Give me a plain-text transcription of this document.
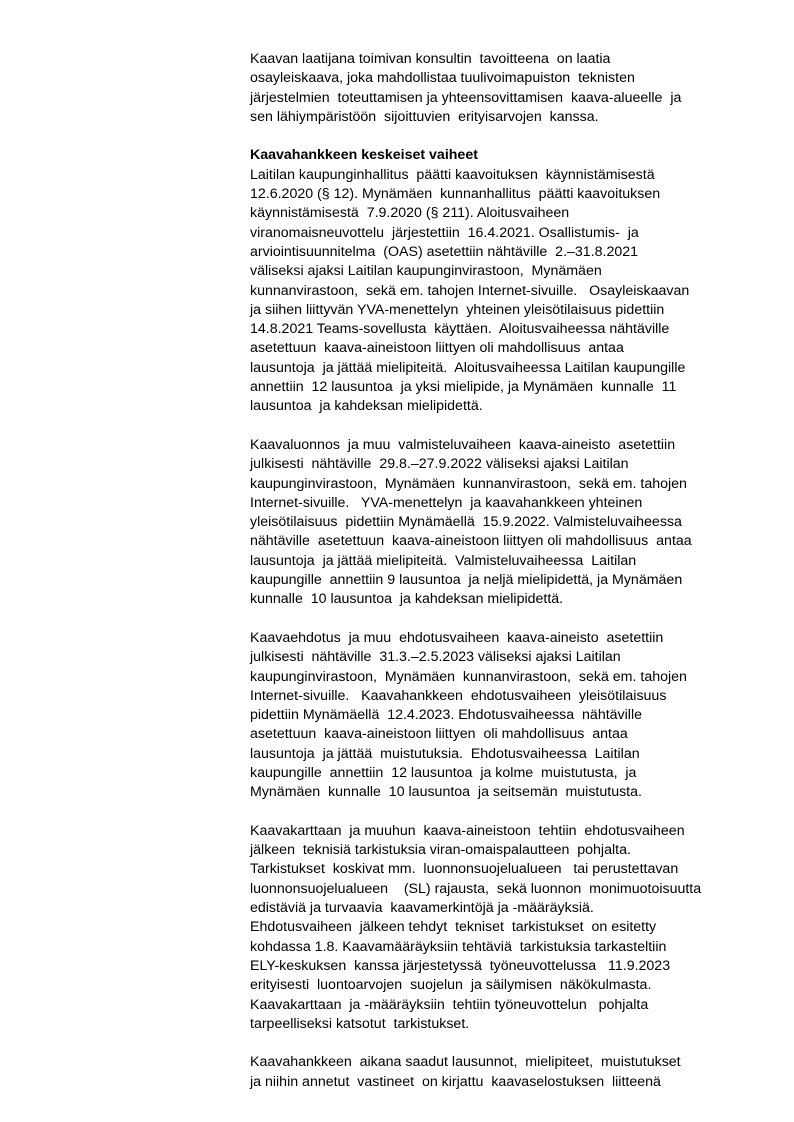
Kaavan laatijana toimivan konsultin  tavoitteena  on laatia
osayleiskaava, joka mahdollistaa tuulivoimapuiston  teknisten
järjestelmien  toteuttamisen ja yhteensovittamisen  kaava-alueelle  ja
sen lähiympäristöön  sijoittuvien  erityisarvojen  kanssa.
Kaavahankkeen keskeiset vaiheet
Laitilan kaupunginhallitus  päätti kaavoituksen  käynnistämisestä
12.6.2020 (§ 12). Mynämäen  kunnanhallitus  päätti kaavoituksen
käynnistämisestä  7.9.2020 (§ 211). Aloitusvaiheen
viranomaisneuvottelu  järjestettiin  16.4.2021. Osallistumis-  ja
arviointisuunnitelma  (OAS) asetettiin nähtäville  2.–31.8.2021
väliseksi ajaksi Laitilan kaupunginvirastoon,  Mynämäen
kunnanvirastoon,  sekä em. tahojen Internet-sivuille.   Osayleiskaavan
ja siihen liittyvän YVA-menettelyn  yhteinen yleisötilaisuus pidettiin
14.8.2021 Teams-sovellusta  käyttäen.  Aloitusvaiheessa nähtäville
asetettuun  kaava-aineistoon liittyen oli mahdollisuus  antaa
lausuntoja  ja jättää mielipiteitä.  Aloitusvaiheessa Laitilan kaupungille
annettiin  12 lausuntoa  ja yksi mielipide, ja Mynämäen  kunnalle  11
lausuntoa  ja kahdeksan mielipidettä.
Kaavaluonnos  ja muu  valmisteluvaiheen  kaava-aineisto  asetettiin
julkisesti  nähtäville  29.8.–27.9.2022 väliseksi ajaksi Laitilan
kaupunginvirastoon,  Mynämäen  kunnanvirastoon,  sekä em. tahojen
Internet-sivuille.   YVA-menettelyn  ja kaavahankkeen yhteinen
yleisötilaisuus  pidettiin Mynämäellä  15.9.2022. Valmisteluvaiheessa
nähtäville  asetettuun  kaava-aineistoon liittyen oli mahdollisuus  antaa
lausuntoja  ja jättää mielipiteitä.  Valmisteluvaiheessa  Laitilan
kaupungille  annettiin 9 lausuntoa  ja neljä mielipidettä, ja Mynämäen
kunnalle  10 lausuntoa  ja kahdeksan mielipidettä.
Kaavaehdotus  ja muu  ehdotusvaiheen  kaava-aineisto  asetettiin
julkisesti  nähtäville  31.3.–2.5.2023 väliseksi ajaksi Laitilan
kaupunginvirastoon,  Mynämäen  kunnanvirastoon,  sekä em. tahojen
Internet-sivuille.   Kaavahankkeen  ehdotusvaiheen  yleisötilaisuus
pidettiin Mynämäellä  12.4.2023. Ehdotusvaiheessa  nähtäville
asetettuun  kaava-aineistoon liittyen  oli mahdollisuus  antaa
lausuntoja  ja jättää  muistutuksia.  Ehdotusvaiheessa  Laitilan
kaupungille  annettiin  12 lausuntoa  ja kolme  muistutusta,  ja
Mynämäen  kunnalle  10 lausuntoa  ja seitsemän  muistutusta.
Kaavakarttaan  ja muuhun  kaava-aineistoon  tehtiin  ehdotusvaiheen
jälkeen  teknisiä tarkistuksia viran-omaispalautteen  pohjalta.
Tarkistukset  koskivat mm.  luonnonsuojelualueen   tai perustettavan
luonnonsuojelualueen    (SL) rajausta,  sekä luonnon  monimuotoisuutta
edistäviä ja turvaavia  kaavamerkintöjä ja -määräyksiä.
Ehdotusvaiheen  jälkeen tehdyt  tekniset  tarkistukset  on esitetty
kohdassa 1.8. Kaavamääräyksiin tehtäviä  tarkistuksia tarkasteltiin
ELY-keskuksen  kanssa järjestetyssä  työneuvottelussa   11.9.2023
erityisesti  luontoarvojen  suojelun  ja säilymisen  näkökulmasta.
Kaavakarttaan  ja -määräyksiin  tehtiin työneuvottelun   pohjalta
tarpeelliseksi katsotut  tarkistukset.
Kaavahankkeen  aikana saadut lausunnot,  mielipiteet,  muistutukset
ja niihin annetut  vastineet  on kirjattu  kaavaselostuksen  liitteenä
